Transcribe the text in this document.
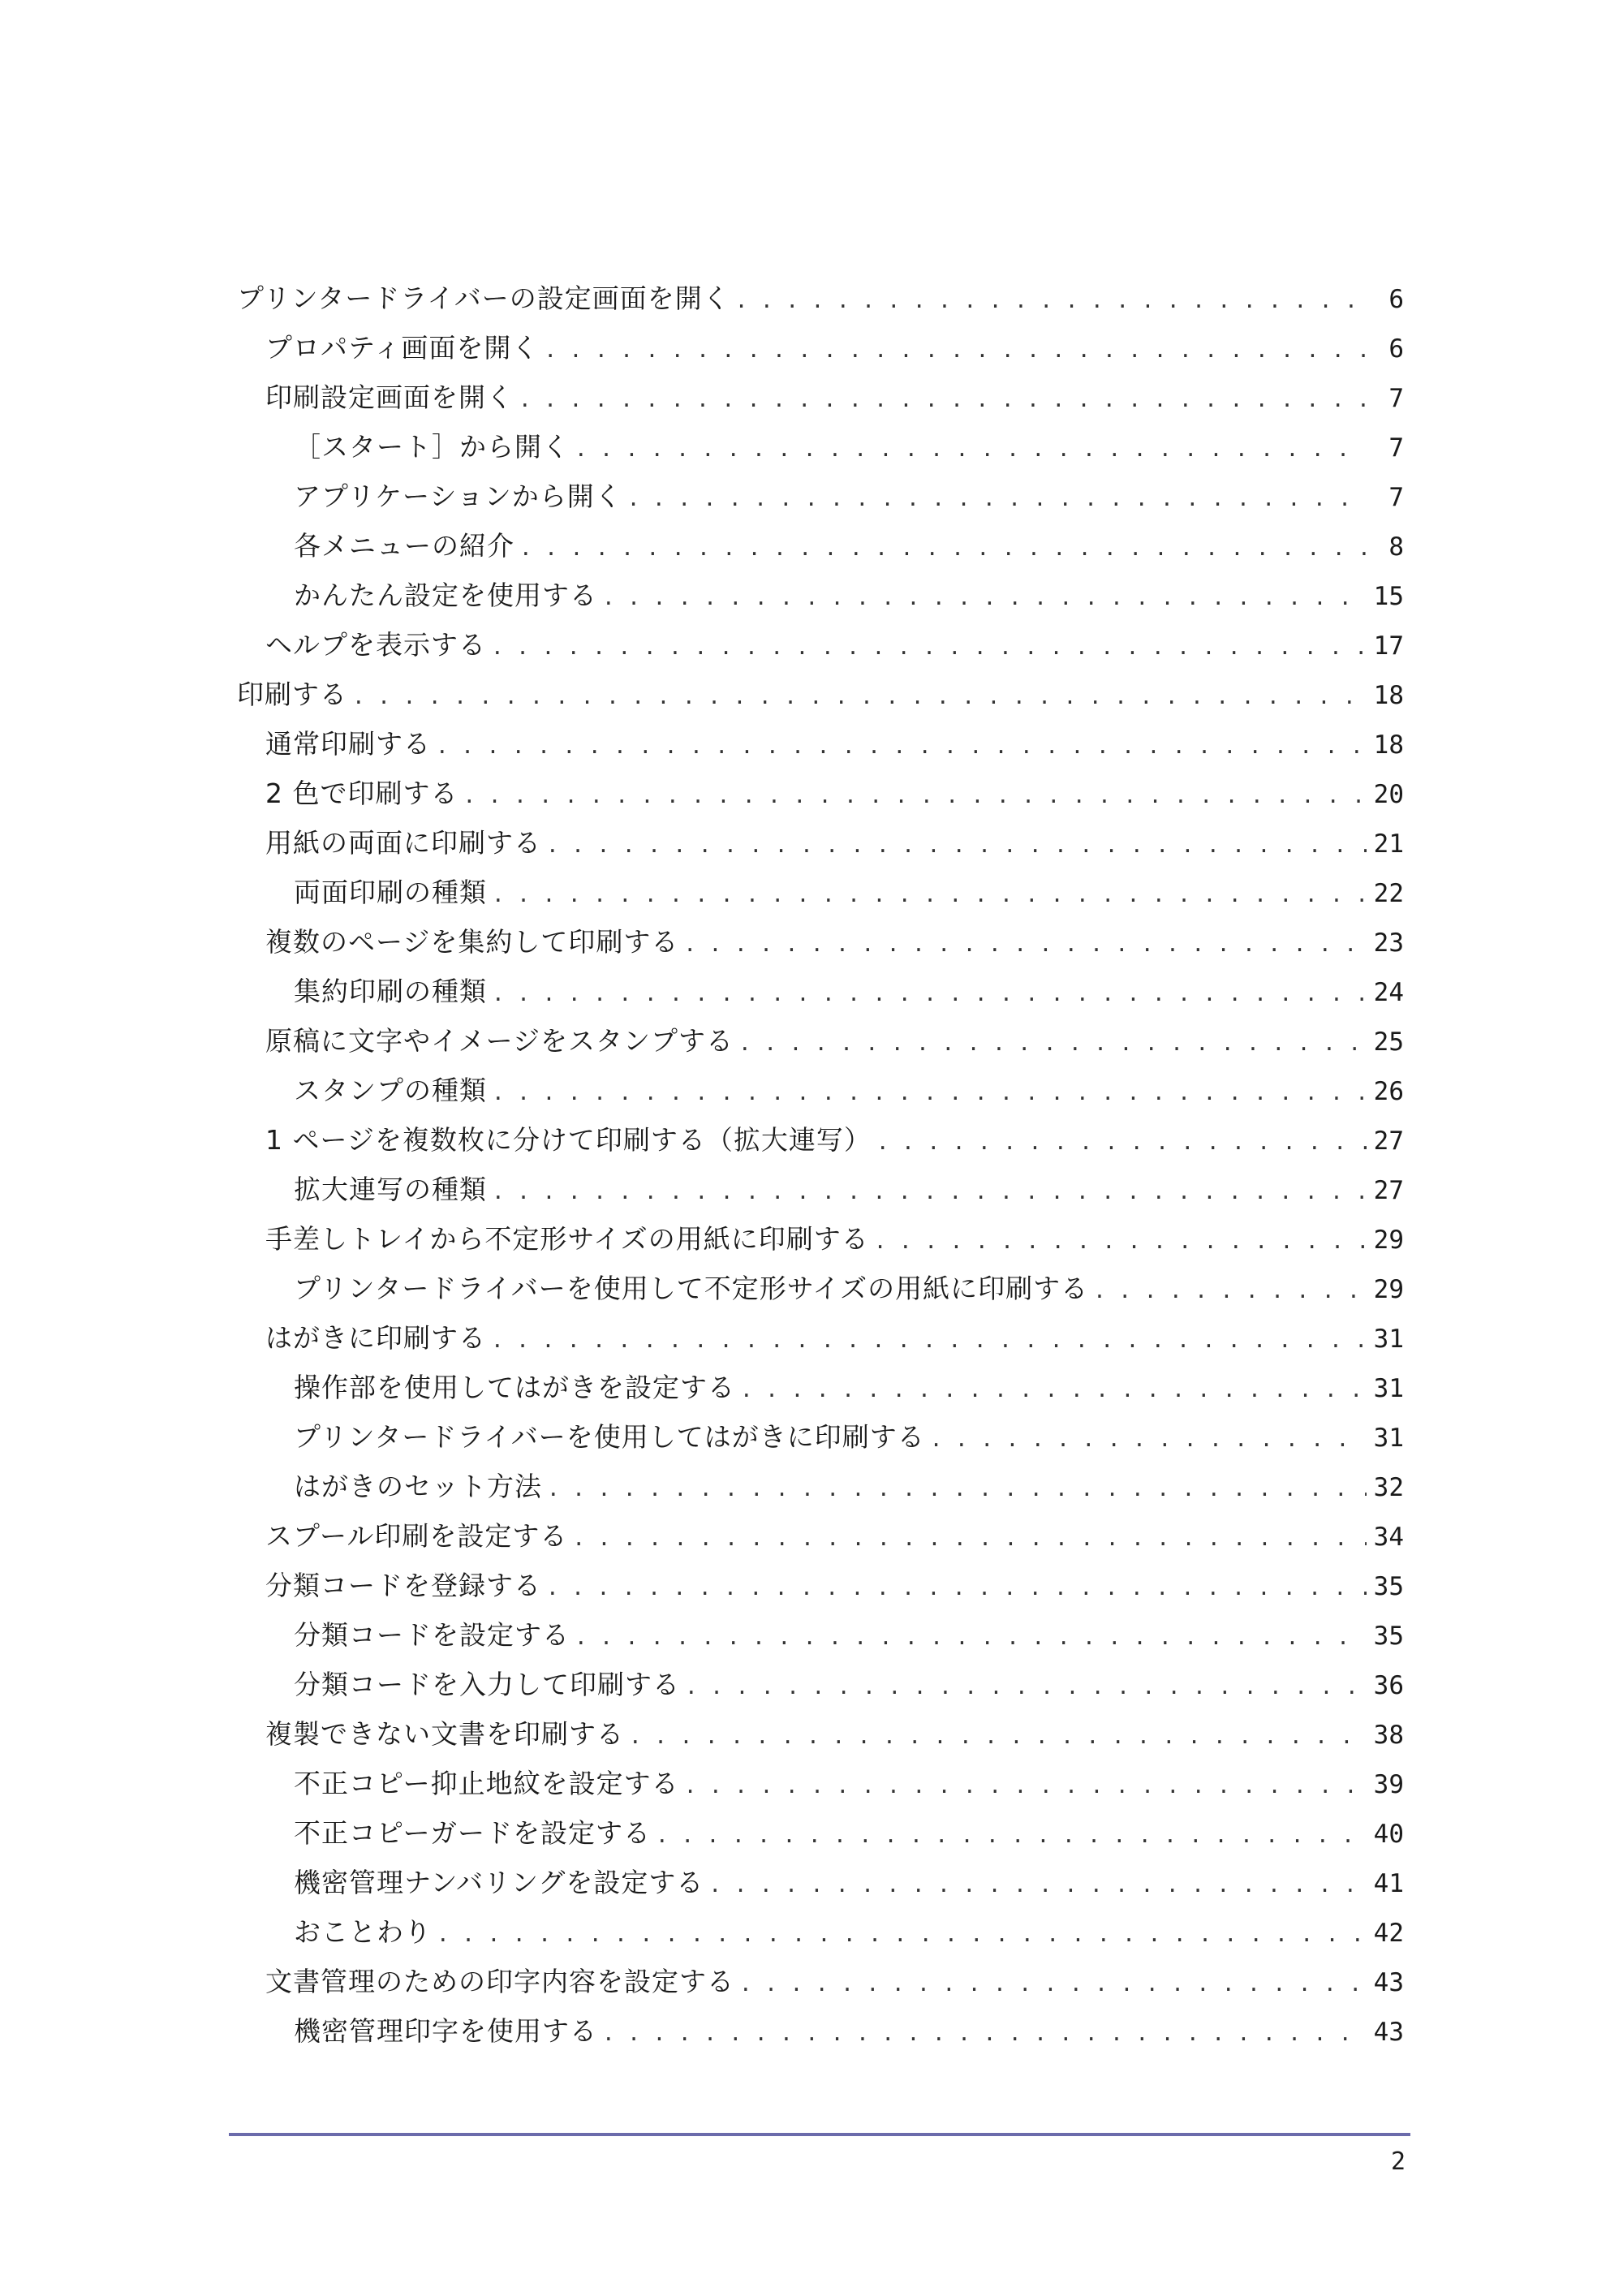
プリンタードライバーの設定画面を開く . . .	6
プロパティ画面を開く . . .	6
印刷設定画面を開く . . .	7
［スタート］から開く . . .	7
アプリケーションから開く . . .	7
各メニューの紹介 . . .	8
かんたん設定を使用する . . .	15
ヘルプを表示する . . .	17
印刷する . . .	18
通常印刷する . . .	18
2 色で印刷する . . .	20
用紙の両面に印刷する . . .	21
両面印刷の種類 . . .	22
複数のページを集約して印刷する . . .	23
集約印刷の種類 . . .	24
原稿に文字やイメージをスタンプする . . .	25
スタンプの種類 . . .	26
1 ページを複数枚に分けて印刷する（拡大連写） . . .	27
拡大連写の種類 . . .	27
手差しトレイから不定形サイズの用紙に印刷する . . .	29
プリンタードライバーを使用して不定形サイズの用紙に印刷する . . .	29
はがきに印刷する . . .	31
操作部を使用してはがきを設定する . . .	31
プリンタードライバーを使用してはがきに印刷する . . .	31
はがきのセット方法 . . .	32
スプール印刷を設定する . . .	34
分類コードを登録する . . .	35
分類コードを設定する . . .	35
分類コードを入力して印刷する . . .	36
複製できない文書を印刷する . . .	38
不正コピー抑止地紋を設定する . . .	39
不正コピーガードを設定する . . .	40
機密管理ナンバリングを設定する . . .	41
おことわり . . .	42
文書管理のための印字内容を設定する . . .	43
機密管理印字を使用する . . .	43
2
